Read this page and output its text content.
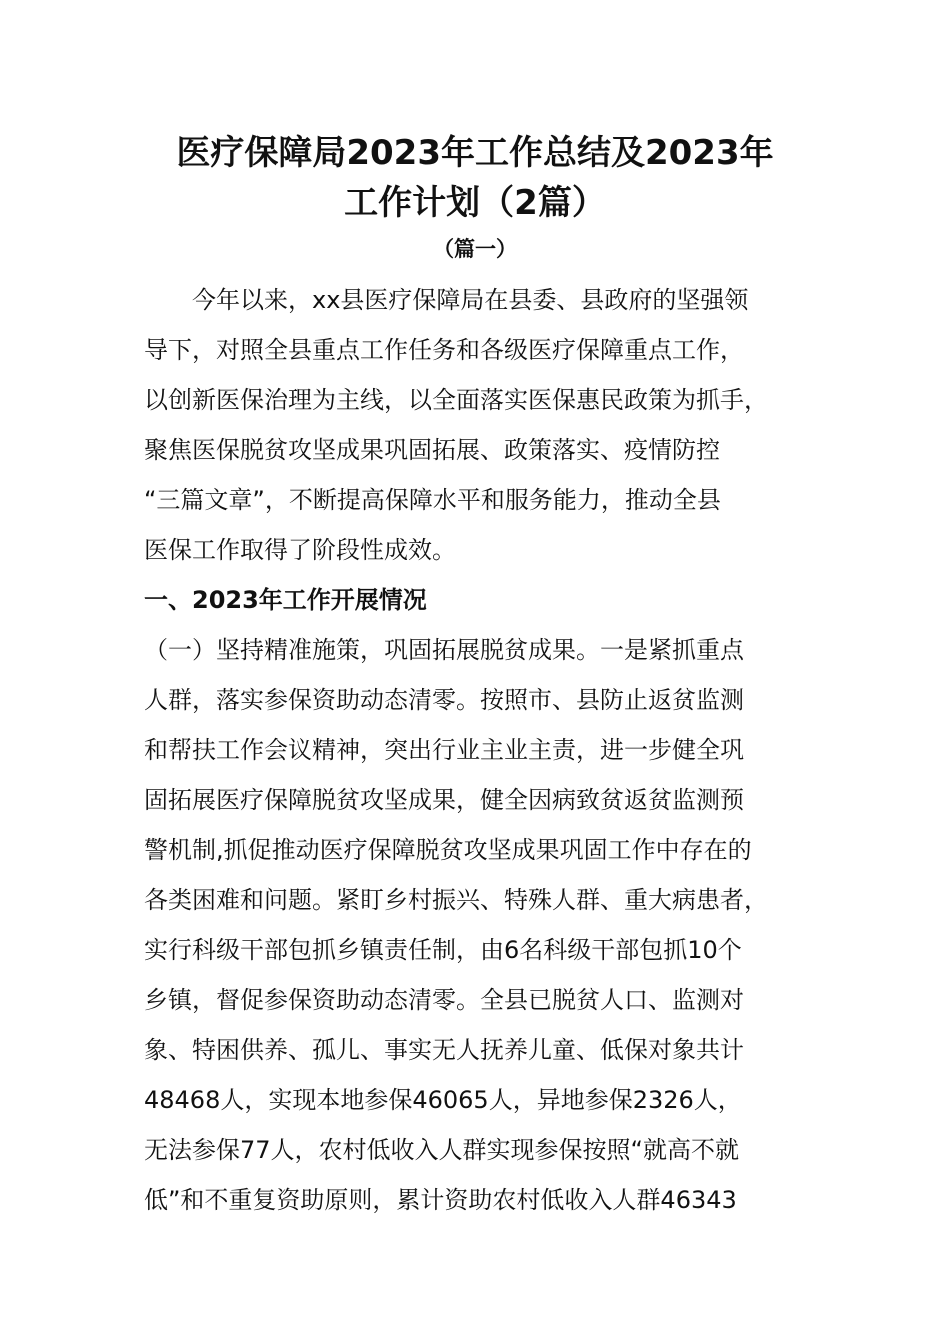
医疗保障局2023年工作总结及2023年
工作计划（2篇）

（篇一）

　　今年以来，xx县医疗保障局在县委、县政府的坚强领

导下，对照全县重点工作任务和各级医疗保障重点工作，

以创新医保治理为主线，以全面落实医保惠民政策为抓手，

聚焦医保脱贫攻坚成果巩固拓展、政策落实、疫情防控

“三篇文章”，不断提高保障水平和服务能力，推动全县

医保工作取得了阶段性成效。

一、2023年工作开展情况

（一）坚持精准施策，巩固拓展脱贫成果。一是紧抓重点

人群，落实参保资助动态清零。按照市、县防止返贫监测

和帮扶工作会议精神，突出行业主业主责，进一步健全巩

固拓展医疗保障脱贫攻坚成果，健全因病致贫返贫监测预

警机制,抓促推动医疗保障脱贫攻坚成果巩固工作中存在的

各类困难和问题。紧盯乡村振兴、特殊人群、重大病患者，

实行科级干部包抓乡镇责任制，由6名科级干部包抓10个

乡镇，督促参保资助动态清零。全县已脱贫人口、监测对

象、特困供养、孤儿、事实无人抚养儿童、低保对象共计

48468人，实现本地参保46065人，异地参保2326人，

无法参保77人，农村低收入人群实现参保按照“就高不就

低”和不重复资助原则，累计资助农村低收入人群46343
